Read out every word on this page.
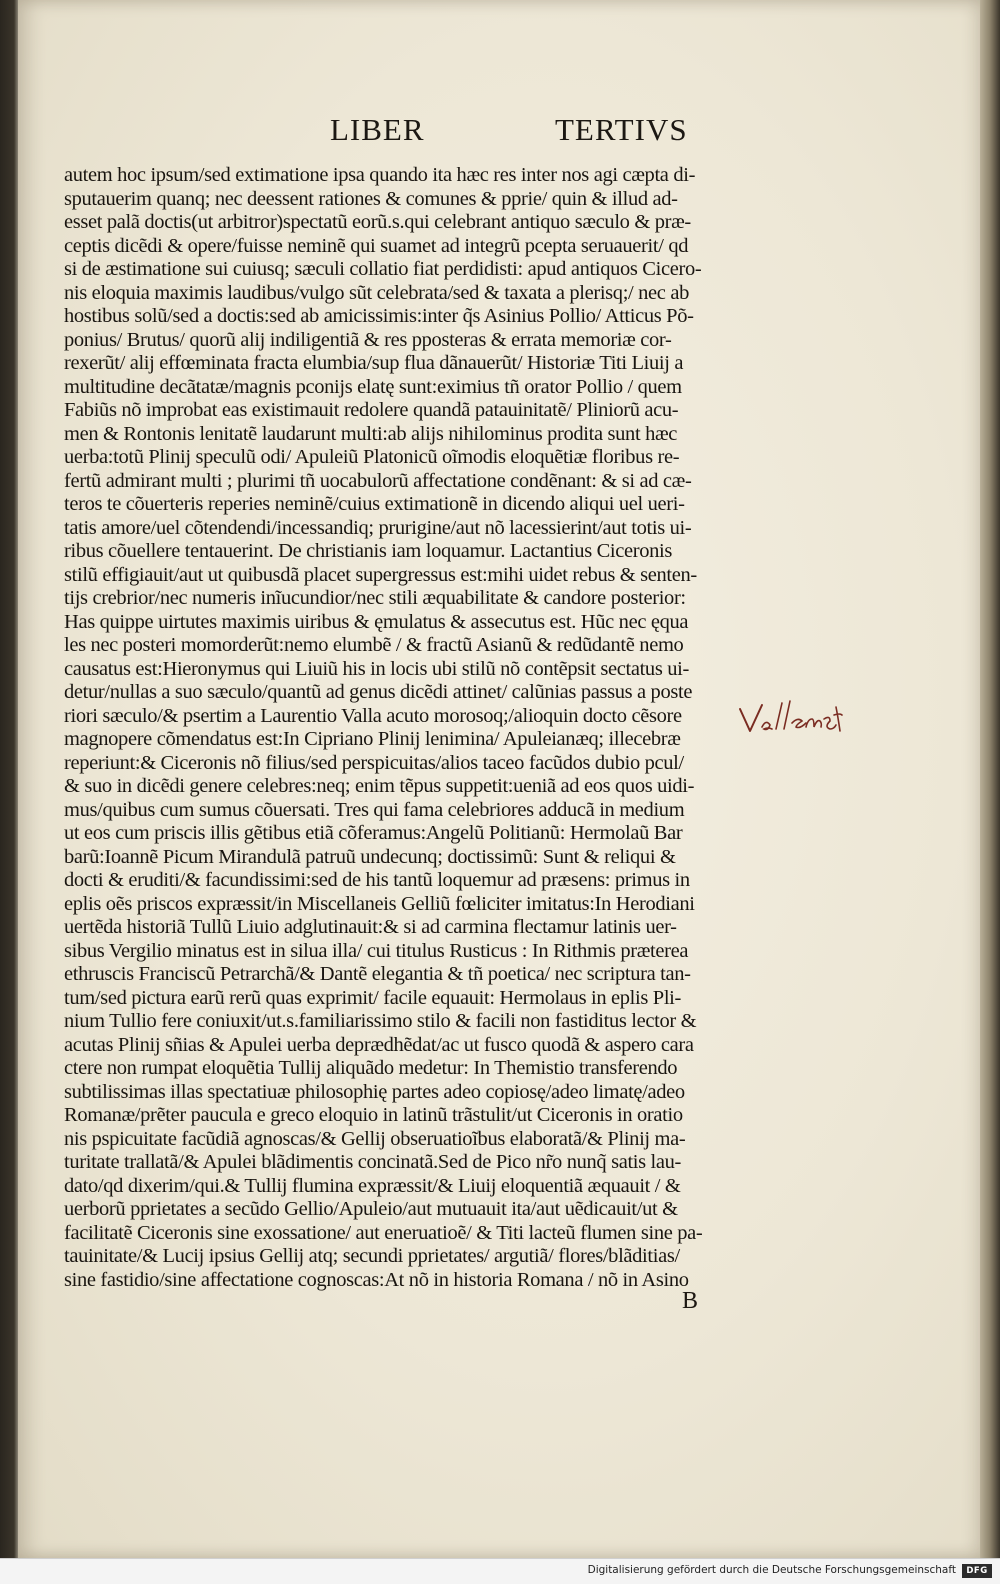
LIBER	TERTIVS
autem hoc ipsum/sed extimatione ipsa quando ita hæc res inter nos agi cæpta di-
sputauerim quanq; nec deessent rationes & comunes & pprie/ quin & illud ad-
esset palã doctis(ut arbitror)spectatũ eorũ.s.qui celebrant antiquo sæculo & præ-
ceptis dicẽdi & opere/fuisse neminẽ qui suamet ad integrũ pcepta seruauerit/ qd
si de æstimatione sui cuiusq; sæculi collatio fiat perdidisti: apud antiquos Cicero-
nis eloquia maximis laudibus/vulgo sũt celebrata/sed & taxata a plerisq;/ nec ab
hostibus solũ/sed a doctis:sed ab amicissimis:inter q̃s Asinius Pollio/ Atticus Põ-
ponius/ Brutus/ quorũ alij indiligentiã & res pposteras & errata memoriæ cor-
rexerũt/ alij effœminata fracta elumbia/sup flua dãnauerũt/ Historiæ Titi Liuij a
multitudine decãtatæ/magnis pconijs elatę sunt:eximius tñ orator Pollio / quem
Fabiũs nõ improbat eas existimauit redolere quandã patauinitatẽ/ Pliniorũ acu-
men & Rontonis lenitatẽ laudarunt multi:ab alijs nihilominus prodita sunt hæc
uerba:totũ Plinij speculũ odi/ Apuleiũ Platonicũ oĩmodis eloquẽtiæ floribus re-
fertũ admirant multi ; plurimi tñ uocabulorũ affectatione condẽnant: & si ad cæ-
teros te cõuerteris reperies neminẽ/cuius extimationẽ in dicendo aliqui uel ueri-
tatis amore/uel cõtendendi/incessandiq; prurigine/aut nõ lacessierint/aut totis ui-
ribus cõuellere tentauerint. De christianis iam loquamur. Lactantius Ciceronis
stilũ effigiauit/aut ut quibusdã placet supergressus est:mihi uidet rebus & senten-
tijs crebrior/nec numeris inĩucundior/nec stili æquabilitate & candore posterior:
Has quippe uirtutes maximis uiribus & ęmulatus & assecutus est. Hũc nec ęqua
les nec posteri momorderũt:nemo elumbẽ / & fractũ Asianũ & redũdantẽ nemo
causatus est:Hieronymus qui Liuiũ his in locis ubi stilũ nõ contẽpsit sectatus ui-
detur/nullas a suo sæculo/quantũ ad genus dicẽdi attinet/ calũnias passus a poste
riori sæculo/& psertim a Laurentio Valla acuto morosoq;/alioquin docto cẽsore
magnopere cõmendatus est:In Cipriano Plinij lenimina/ Apuleianæq; illecebræ
reperiunt:& Ciceronis nõ filius/sed perspicuitas/alios taceo facũdos dubio pcul/
& suo in dicẽdi genere celebres:neq; enim tẽpus suppetit:ueniã ad eos quos uidi-
mus/quibus cum sumus cõuersati. Tres qui fama celebriores adducã in medium
ut eos cum priscis illis gẽtibus etiã cõferamus:Angelũ Politianũ: Hermolaũ Bar
barũ:Ioannẽ Picum Mirandulã patruũ undecunq; doctissimũ: Sunt & reliqui &
docti & eruditi/& facundissimi:sed de his tantũ loquemur ad præsens: primus in
eplis oẽs priscos expræssit/in Miscellaneis Gelliũ fœliciter imitatus:In Herodiani
uertẽda historiã Tullũ Liuio adglutinauit:& si ad carmina flectamur latinis uer-
sibus Vergilio minatus est in silua illa/ cui titulus Rusticus : In Rithmis præterea
ethruscis Franciscũ Petrarchã/& Dantẽ elegantia & tñ poetica/ nec scriptura tan-
tum/sed pictura earũ rerũ quas exprimit/ facile equauit: Hermolaus in eplis Pli-
nium Tullio fere coniuxit/ut.s.familiarissimo stilo & facili non fastiditus lector &
acutas Plinij sñias & Apulei uerba deprædhẽdat/ac ut fusco quodã & aspero cara
ctere non rumpat eloquẽtia Tullij aliquãdo medetur: In Themistio transferendo
subtilissimas illas spectatiuæ philosophię partes adeo copiosę/adeo limatę/adeo
Romanæ/prẽter paucula e greco eloquio in latinũ trãstulit/ut Ciceronis in oratio
nis pspicuitate facũdiã agnoscas/& Gellij obseruatioĩbus elaboratã/& Plinij ma-
turitate trallatã/& Apulei blãdimentis concinatã.Sed de Pico nr̃o nunq̃ satis lau-
dato/qd dixerim/qui.& Tullij flumina expræssit/& Liuij eloquentiã æquauit / &
uerborũ pprietates a secũdo Gellio/Apuleio/aut mutuauit ita/aut uẽdicauit/ut &
facilitatẽ Ciceronis sine exossatione/ aut eneruatioẽ/ & Titi lacteũ flumen sine pa-
tauinitate/& Lucij ipsius Gellij atq; secundi pprietates/ argutiã/ flores/blãditias/
sine fastidio/sine affectatione cognoscas:At nõ in historia Romana / nõ in Asino
B
Digitalisierung gefördert durch die Deutsche Forschungsgemeinschaft	DFG
